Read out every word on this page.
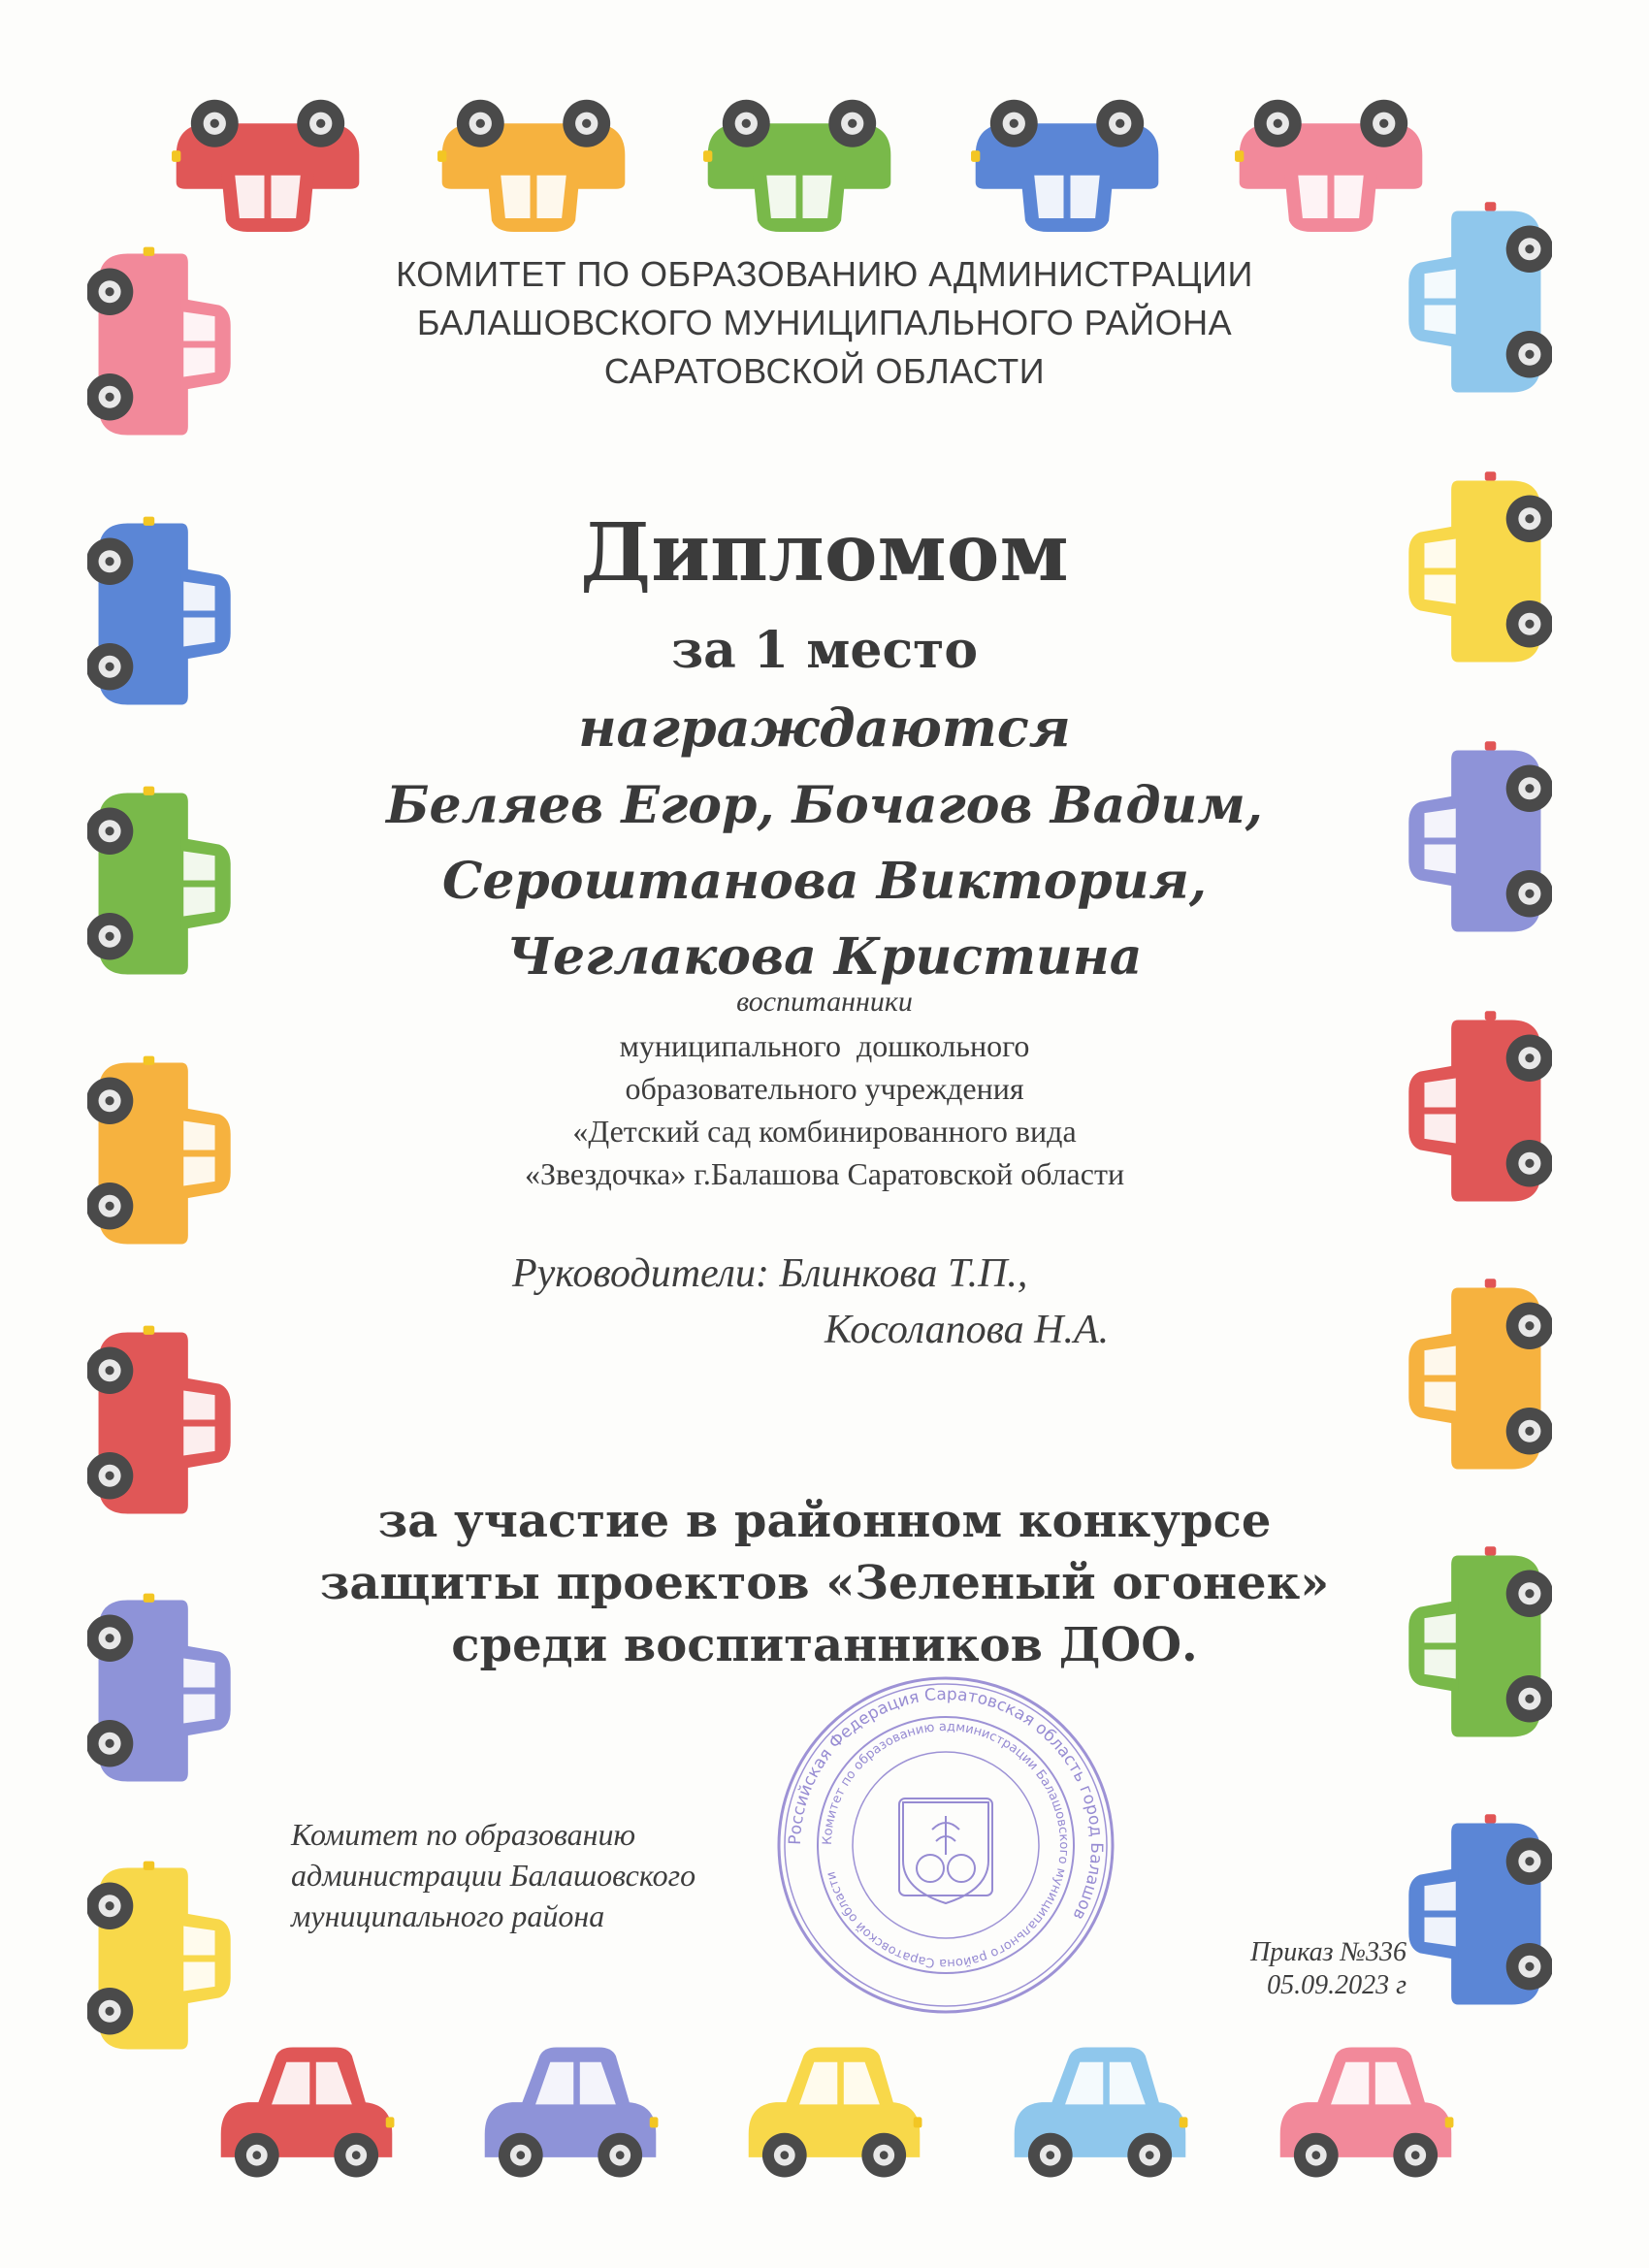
КОМИТЕТ ПО ОБРАЗОВАНИЮ АДМИНИСТРАЦИИ
БАЛАШОВСКОГО МУНИЦИПАЛЬНОГО РАЙОНА
САРАТОВСКОЙ ОБЛАСТИ
Дипломом
за 1 место
награждаются
Беляев Егор, Бочагов Вадим,
Сероштанова Виктория,
Чеглакова Кристина
воспитанники
муниципального  дошкольного
образовательного учреждения
«Детский сад комбинированного вида
«Звездочка» г.Балашова Саратовской области
Руководители: Блинкова Т.П.,
Косолапова Н.А.
за участие в районном конкурсе
защиты проектов «Зеленый огонек»
среди воспитанников ДОО.
Российская Федерация Саратовская область город Балашов
Комитет по образованию администрации Балашовского муниципального района Саратовской области
Комитет по образованию
администрации Балашовского
муниципального района
Приказ №336
05.09.2023 г
